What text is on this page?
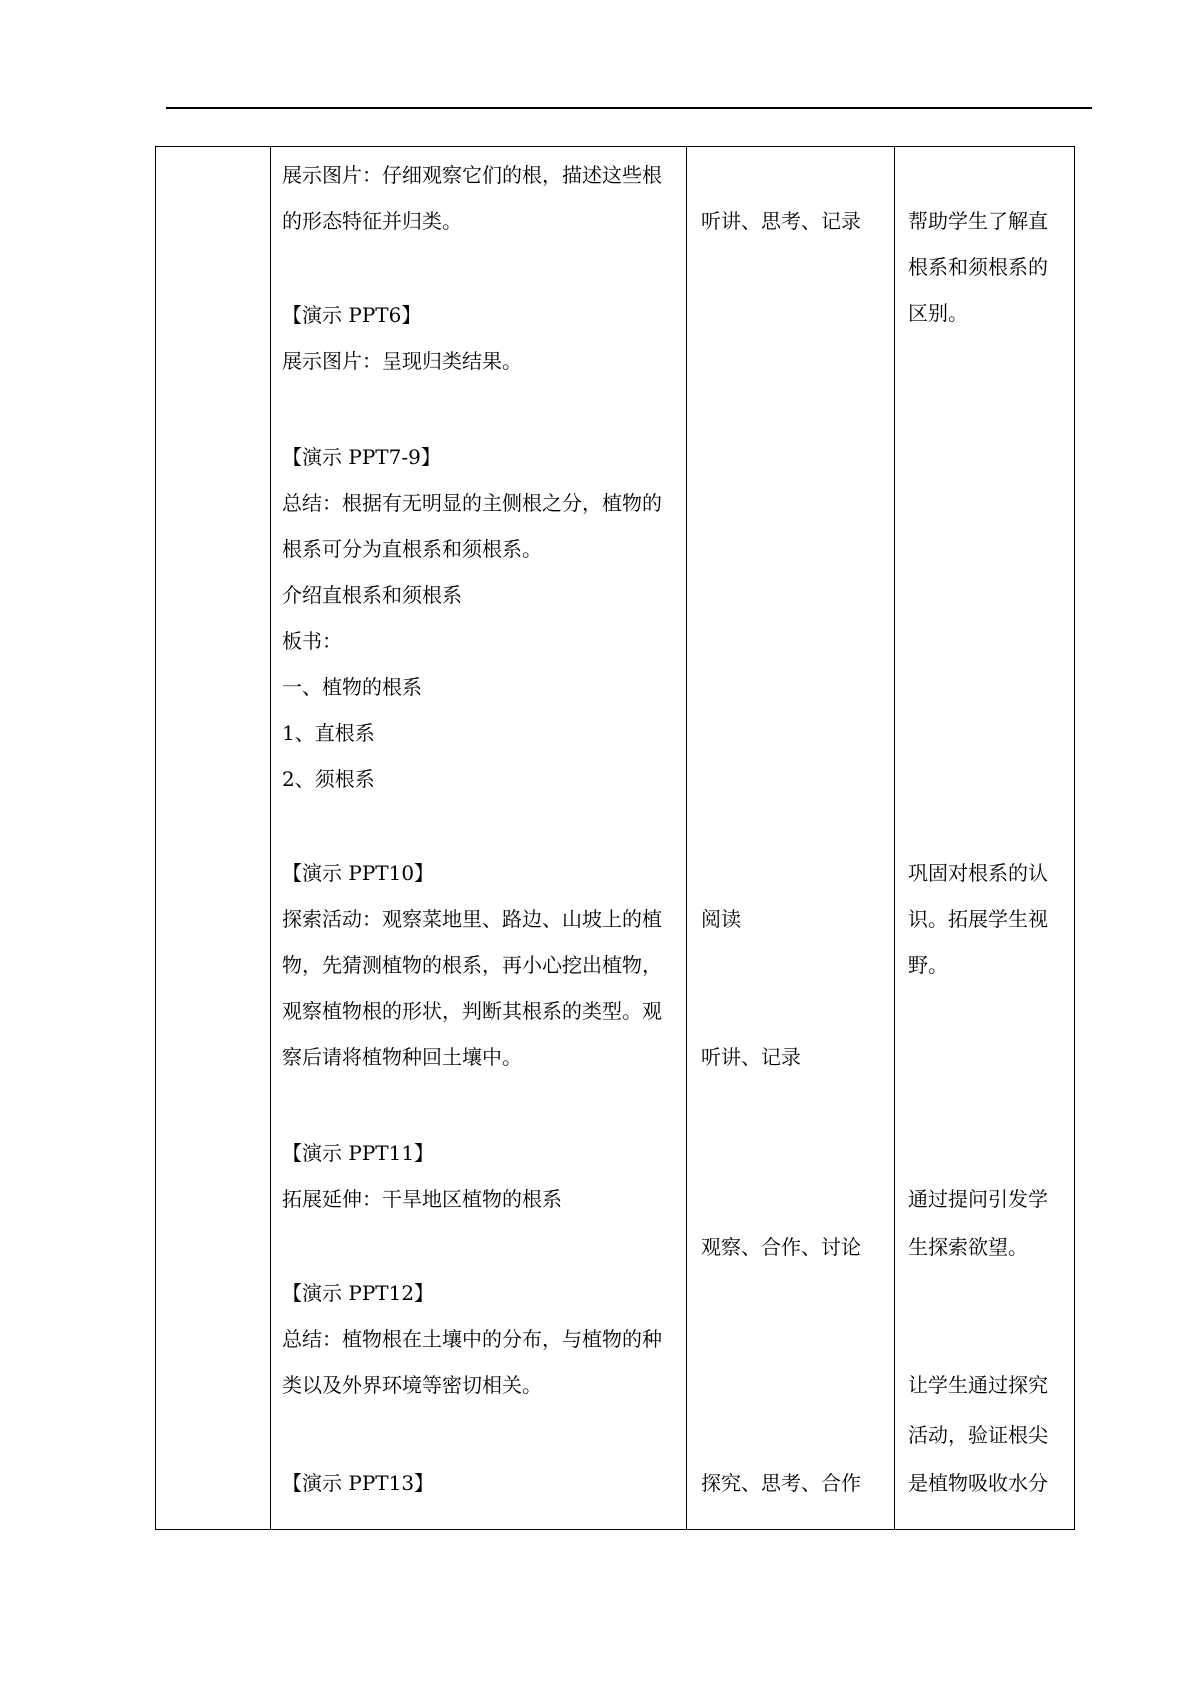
展示图片：仔细观察它们的根，描述这些根
的形态特征并归类。
【演示 PPT6】
展示图片：呈现归类结果。
【演示 PPT7-9】
总结：根据有无明显的主侧根之分，植物的
根系可分为直根系和须根系。
介绍直根系和须根系
板书：
一、植物的根系
1、直根系
2、须根系
【演示 PPT10】
探索活动：观察菜地里、路边、山坡上的植
物，先猜测植物的根系，再小心挖出植物，
观察植物根的形状，判断其根系的类型。观
察后请将植物种回土壤中。
【演示 PPT11】
拓展延伸：干旱地区植物的根系
【演示 PPT12】
总结：植物根在土壤中的分布，与植物的种
类以及外界环境等密切相关。
【演示 PPT13】
听讲、思考、记录
阅读
听讲、记录
观察、合作、讨论
探究、思考、合作
帮助学生了解直
根系和须根系的
区别。
巩固对根系的认
识。拓展学生视
野。
通过提问引发学
生探索欲望。
让学生通过探究
活动，验证根尖
是植物吸收水分
